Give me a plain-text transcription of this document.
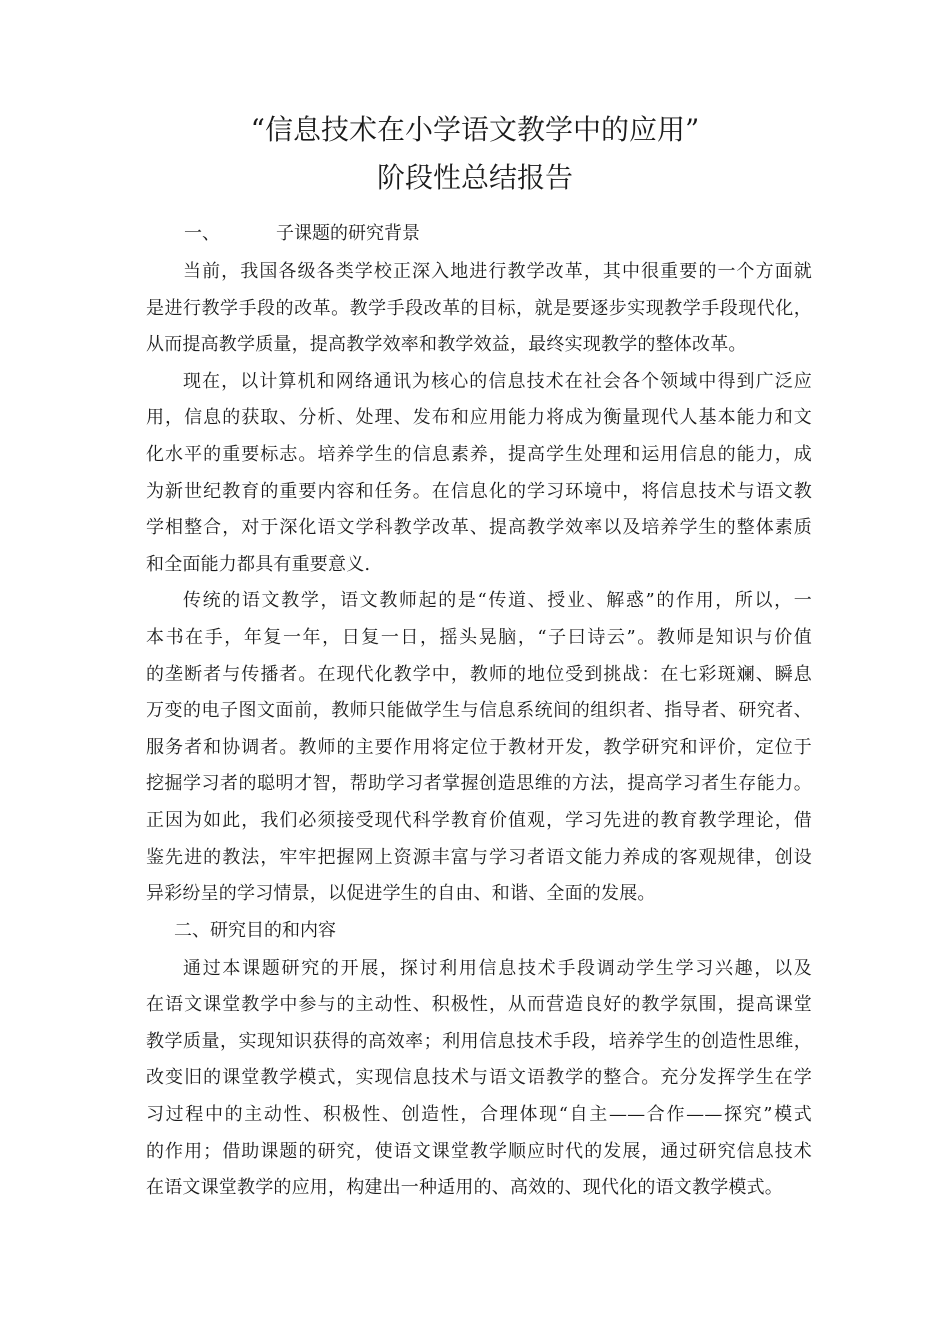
“信息技术在小学语文教学中的应用”
阶段性总结报告
一、	子课题的研究背景
当前，我国各级各类学校正深入地进行教学改革，其中很重要的一个方面就
是进行教学手段的改革。教学手段改革的目标，就是要逐步实现教学手段现代化，
从而提高教学质量，提高教学效率和教学效益，最终实现教学的整体改革。
现在，以计算机和网络通讯为核心的信息技术在社会各个领域中得到广泛应
用，信息的获取、分析、处理、发布和应用能力将成为衡量现代人基本能力和文
化水平的重要标志。培养学生的信息素养，提高学生处理和运用信息的能力，成
为新世纪教育的重要内容和任务。在信息化的学习环境中，将信息技术与语文教
学相整合，对于深化语文学科教学改革、提高教学效率以及培养学生的整体素质
和全面能力都具有重要意义.
传统的语文教学，语文教师起的是“传道、授业、解惑”的作用，所以，一
本书在手，年复一年，日复一日，摇头晃脑，“子曰诗云”。教师是知识与价值
的垄断者与传播者。在现代化教学中，教师的地位受到挑战：在七彩斑斓、瞬息
万变的电子图文面前，教师只能做学生与信息系统间的组织者、指导者、研究者、
服务者和协调者。教师的主要作用将定位于教材开发，教学研究和评价，定位于
挖掘学习者的聪明才智，帮助学习者掌握创造思维的方法，提高学习者生存能力。
正因为如此，我们必须接受现代科学教育价值观，学习先进的教育教学理论，借
鉴先进的教法，牢牢把握网上资源丰富与学习者语文能力养成的客观规律，创设
异彩纷呈的学习情景，以促进学生的自由、和谐、全面的发展。
二、研究目的和内容
通过本课题研究的开展，探讨利用信息技术手段调动学生学习兴趣，以及
在语文课堂教学中参与的主动性、积极性，从而营造良好的教学氛围，提高课堂
教学质量，实现知识获得的高效率；利用信息技术手段，培养学生的创造性思维，
改变旧的课堂教学模式，实现信息技术与语文语教学的整合。充分发挥学生在学
习过程中的主动性、积极性、创造性，合理体现“自主——合作——探究”模式
的作用；借助课题的研究，使语文课堂教学顺应时代的发展，通过研究信息技术
在语文课堂教学的应用，构建出一种适用的、高效的、现代化的语文教学模式。
